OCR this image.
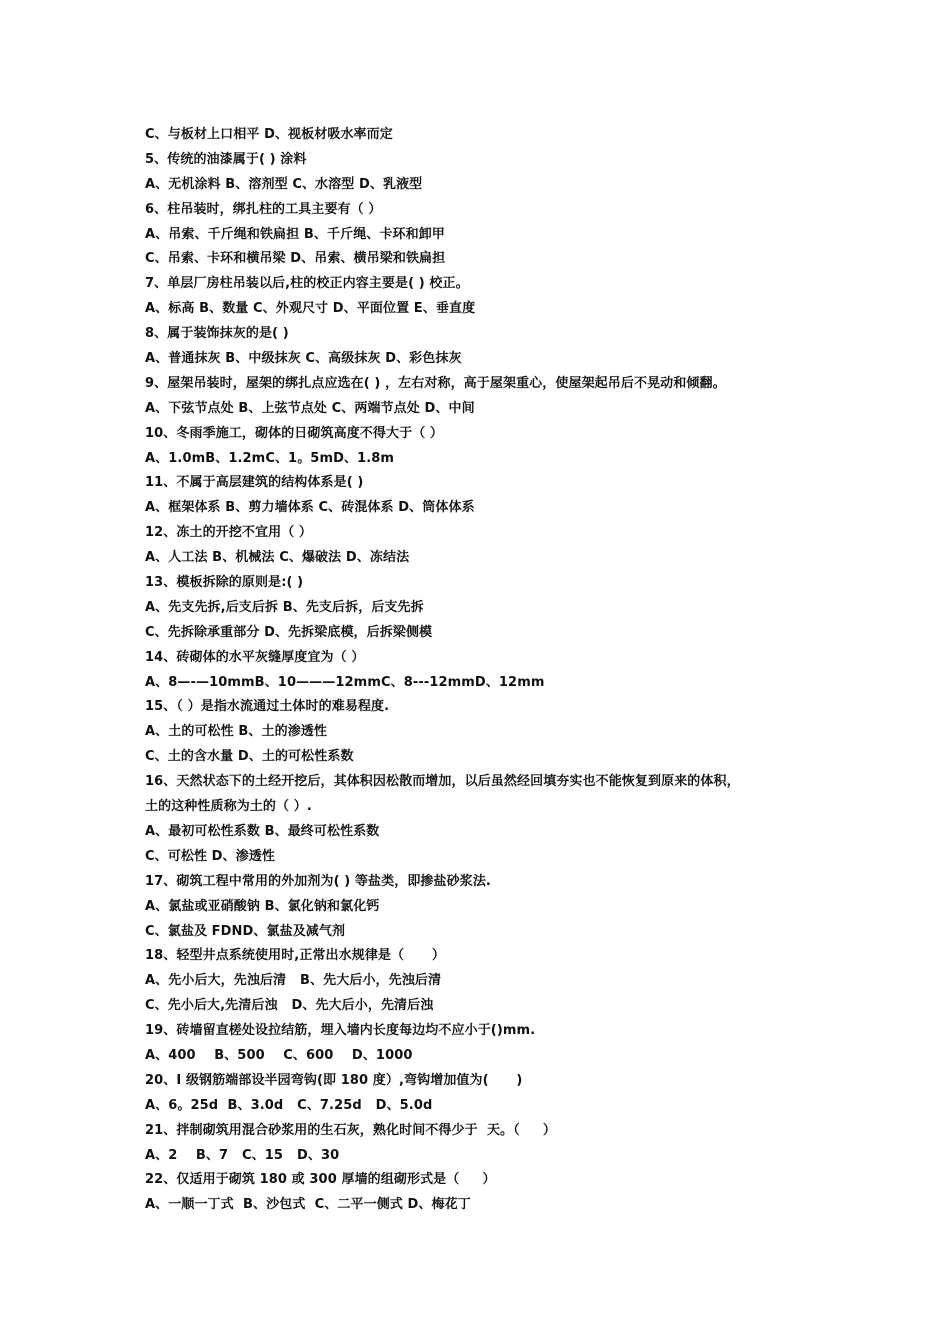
C、与板材上口相平 D、视板材吸水率而定
5、传统的油漆属于( ) 涂料
A、无机涂料 B、溶剂型 C、水溶型 D、乳液型
6、柱吊装时，绑扎柱的工具主要有（ ）
A、吊索、千斤绳和铁扁担 B、千斤绳、卡环和卸甲
C、吊索、卡环和横吊梁 D、吊索、横吊梁和铁扁担
7、单层厂房柱吊装以后,柱的校正内容主要是( ) 校正。
A、标高 B、数量 C、外观尺寸 D、平面位置 E、垂直度
8、属于装饰抹灰的是( )
A、普通抹灰 B、中级抹灰 C、高级抹灰 D、彩色抹灰
9、屋架吊装时，屋架的绑扎点应选在( ) ，左右对称，高于屋架重心，使屋架起吊后不晃动和倾翻。
A、下弦节点处 B、上弦节点处 C、两端节点处 D、中间
10、冬雨季施工，砌体的日砌筑高度不得大于（ ）
A、1.0mB、1.2mC、1。5mD、1.8m
11、不属于高层建筑的结构体系是( )
A、框架体系 B、剪力墙体系 C、砖混体系 D、筒体体系
12、冻土的开挖不宜用（ ）
A、人工法 B、机械法 C、爆破法 D、冻结法
13、模板拆除的原则是:( )
A、先支先拆,后支后拆 B、先支后拆，后支先拆
C、先拆除承重部分 D、先拆梁底模，后拆梁侧模
14、砖砌体的水平灰缝厚度宜为（ ）
A、8—-—10mmB、10———12mmC、8---12mmD、12mm
15、（ ）是指水流通过土体时的难易程度.
A、土的可松性 B、土的渗透性
C、土的含水量 D、土的可松性系数
16、天然状态下的土经开挖后，其体积因松散而增加，以后虽然经回填夯实也不能恢复到原来的体积，
土的这种性质称为土的（ ）.
A、最初可松性系数 B、最终可松性系数
C、可松性 D、渗透性
17、砌筑工程中常用的外加剂为( ) 等盐类，即掺盐砂浆法.
A、氯盐或亚硝酸钠 B、氯化钠和氯化钙
C、氯盐及 FDND、氯盐及减气剂
18、轻型井点系统使用时,正常出水规律是（      ）
A、先小后大，先浊后清   B、先大后小，先浊后清
C、先小后大,先清后浊   D、先大后小，先清后浊
19、砖墙留直槎处设拉结筋，埋入墙内长度每边均不应小于()mm.
A、400    B、500    C、600    D、1000
20、I 级钢筋端部设半园弯钩(即 180 度）,弯钩增加值为(      )
A、6。25d  B、3.0d   C、7.25d   D、5.0d
21、拌制砌筑用混合砂浆用的生石灰，熟化时间不得少于  天。（     ）
A、2    B、7   C、15   D、30
22、仅适用于砌筑 180 或 300 厚墙的组砌形式是（     ）
A、一顺一丁式  B、沙包式  C、二平一侧式 D、梅花丁
